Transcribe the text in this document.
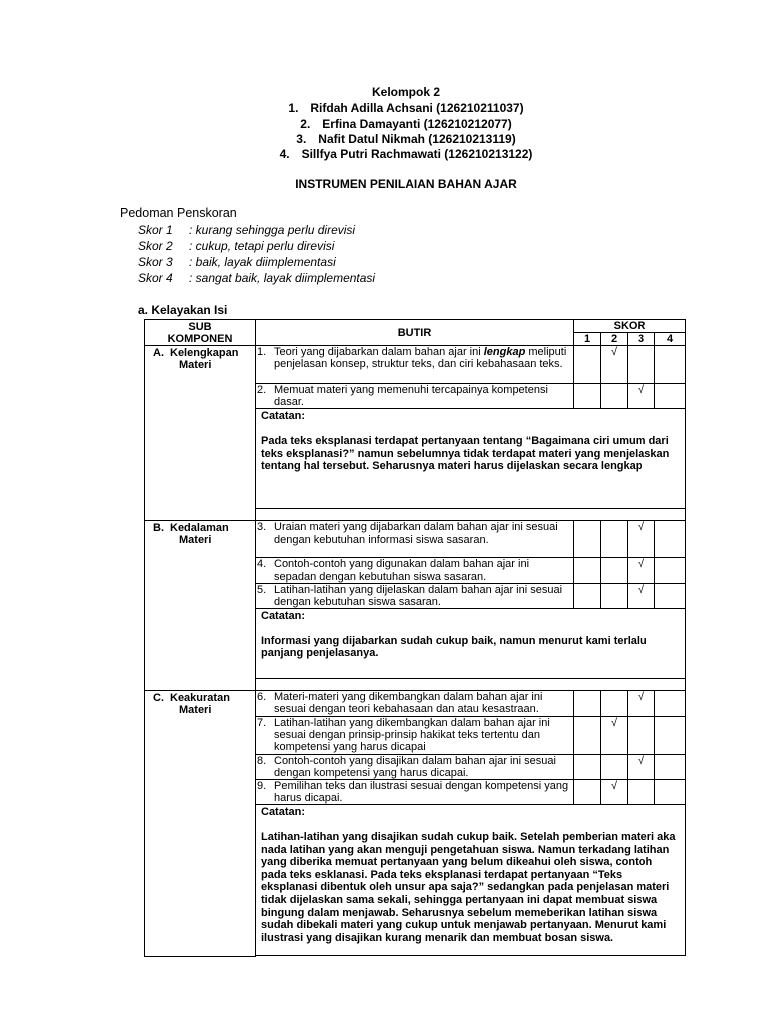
Kelompok 2
1. Rifdah Adilla Achsani (126210211037)
2. Erfina Damayanti (126210212077)
3. Nafit Datul Nikmah (126210213119)
4. Sillfya Putri Rachmawati (126210213122)
INSTRUMEN PENILAIAN BAHAN AJAR
Pedoman Penskoran
Skor 1 : kurang sehingga perlu direvisi
Skor 2 : cukup, tetapi perlu direvisi
Skor 3 : baik, layak diimplementasi
Skor 4 : sangat baik, layak diimplementasi
a. Kelayakan Isi
SUB
KOMPONEN	BUTIR	SKOR			
		1	2	3	4
A. Kelengkapan
Materi	1. Teori yang dijabarkan dalam bahan ajar ini lengkap meliputi penjelasan konsep, struktur teks, dan ciri kebahasaan teks.		√		

	2. Memuat materi yang memenuhi tercapainya kompetensi dasar.			√	

	Catatan:
Pada teks eksplanasi terdapat pertanyaan tentang “Bagaimana ciri umum dari teks eksplanasi?” namun sebelumnya tidak terdapat materi yang menjelaskan tentang hal tersebut. Seharusnya materi harus dijelaskan secara lengkap				

B. Kedalaman
Materi	3. Uraian materi yang dijabarkan dalam bahan ajar ini sesuai dengan kebutuhan informasi siswa sasaran.			√	

	4. Contoh-contoh yang digunakan dalam bahan ajar ini sepadan dengan kebutuhan siswa sasaran.			√	

	5. Latihan-latihan yang dijelaskan dalam bahan ajar ini sesuai dengan kebutuhan siswa sasaran.			√	

	Catatan:
Informasi yang dijabarkan sudah cukup baik, namun menurut kami terlalu panjang penjelasanya.				

C. Keakuratan
Materi	6. Materi-materi yang dikembangkan dalam bahan ajar ini sesuai dengan teori kebahasaan dan atau kesastraan.			√	

	7. Latihan-latihan yang dikembangkan dalam bahan ajar ini sesuai dengan prinsip-prinsip hakikat teks tertentu dan kompetensi yang harus dicapai		√		

	8. Contoh-contoh yang disajikan dalam bahan ajar ini sesuai dengan kompetensi yang harus dicapai.			√	

	9. Pemilihan teks dan ilustrasi sesuai dengan kompetensi yang harus dicapai.		√		

	Catatan:
Latihan-latihan yang disajikan sudah cukup baik. Setelah pemberian materi aka nada latihan yang akan menguji pengetahuan siswa. Namun terkadang latihan yang diberika memuat pertanyaan yang belum dikeahui oleh siswa, contoh pada teks esklanasi. Pada teks eksplanasi terdapat pertanyaan “Teks eksplanasi dibentuk oleh unsur apa saja?” sedangkan pada penjelasan materi tidak dijelaskan sama sekali, sehingga pertanyaan ini dapat membuat siswa bingung dalam menjawab. Seharusnya sebelum memeberikan latihan siswa sudah dibekali materi yang cukup untuk menjawab pertanyaan. Menurut kami ilustrasi yang disajikan kurang menarik dan membuat bosan siswa.				
